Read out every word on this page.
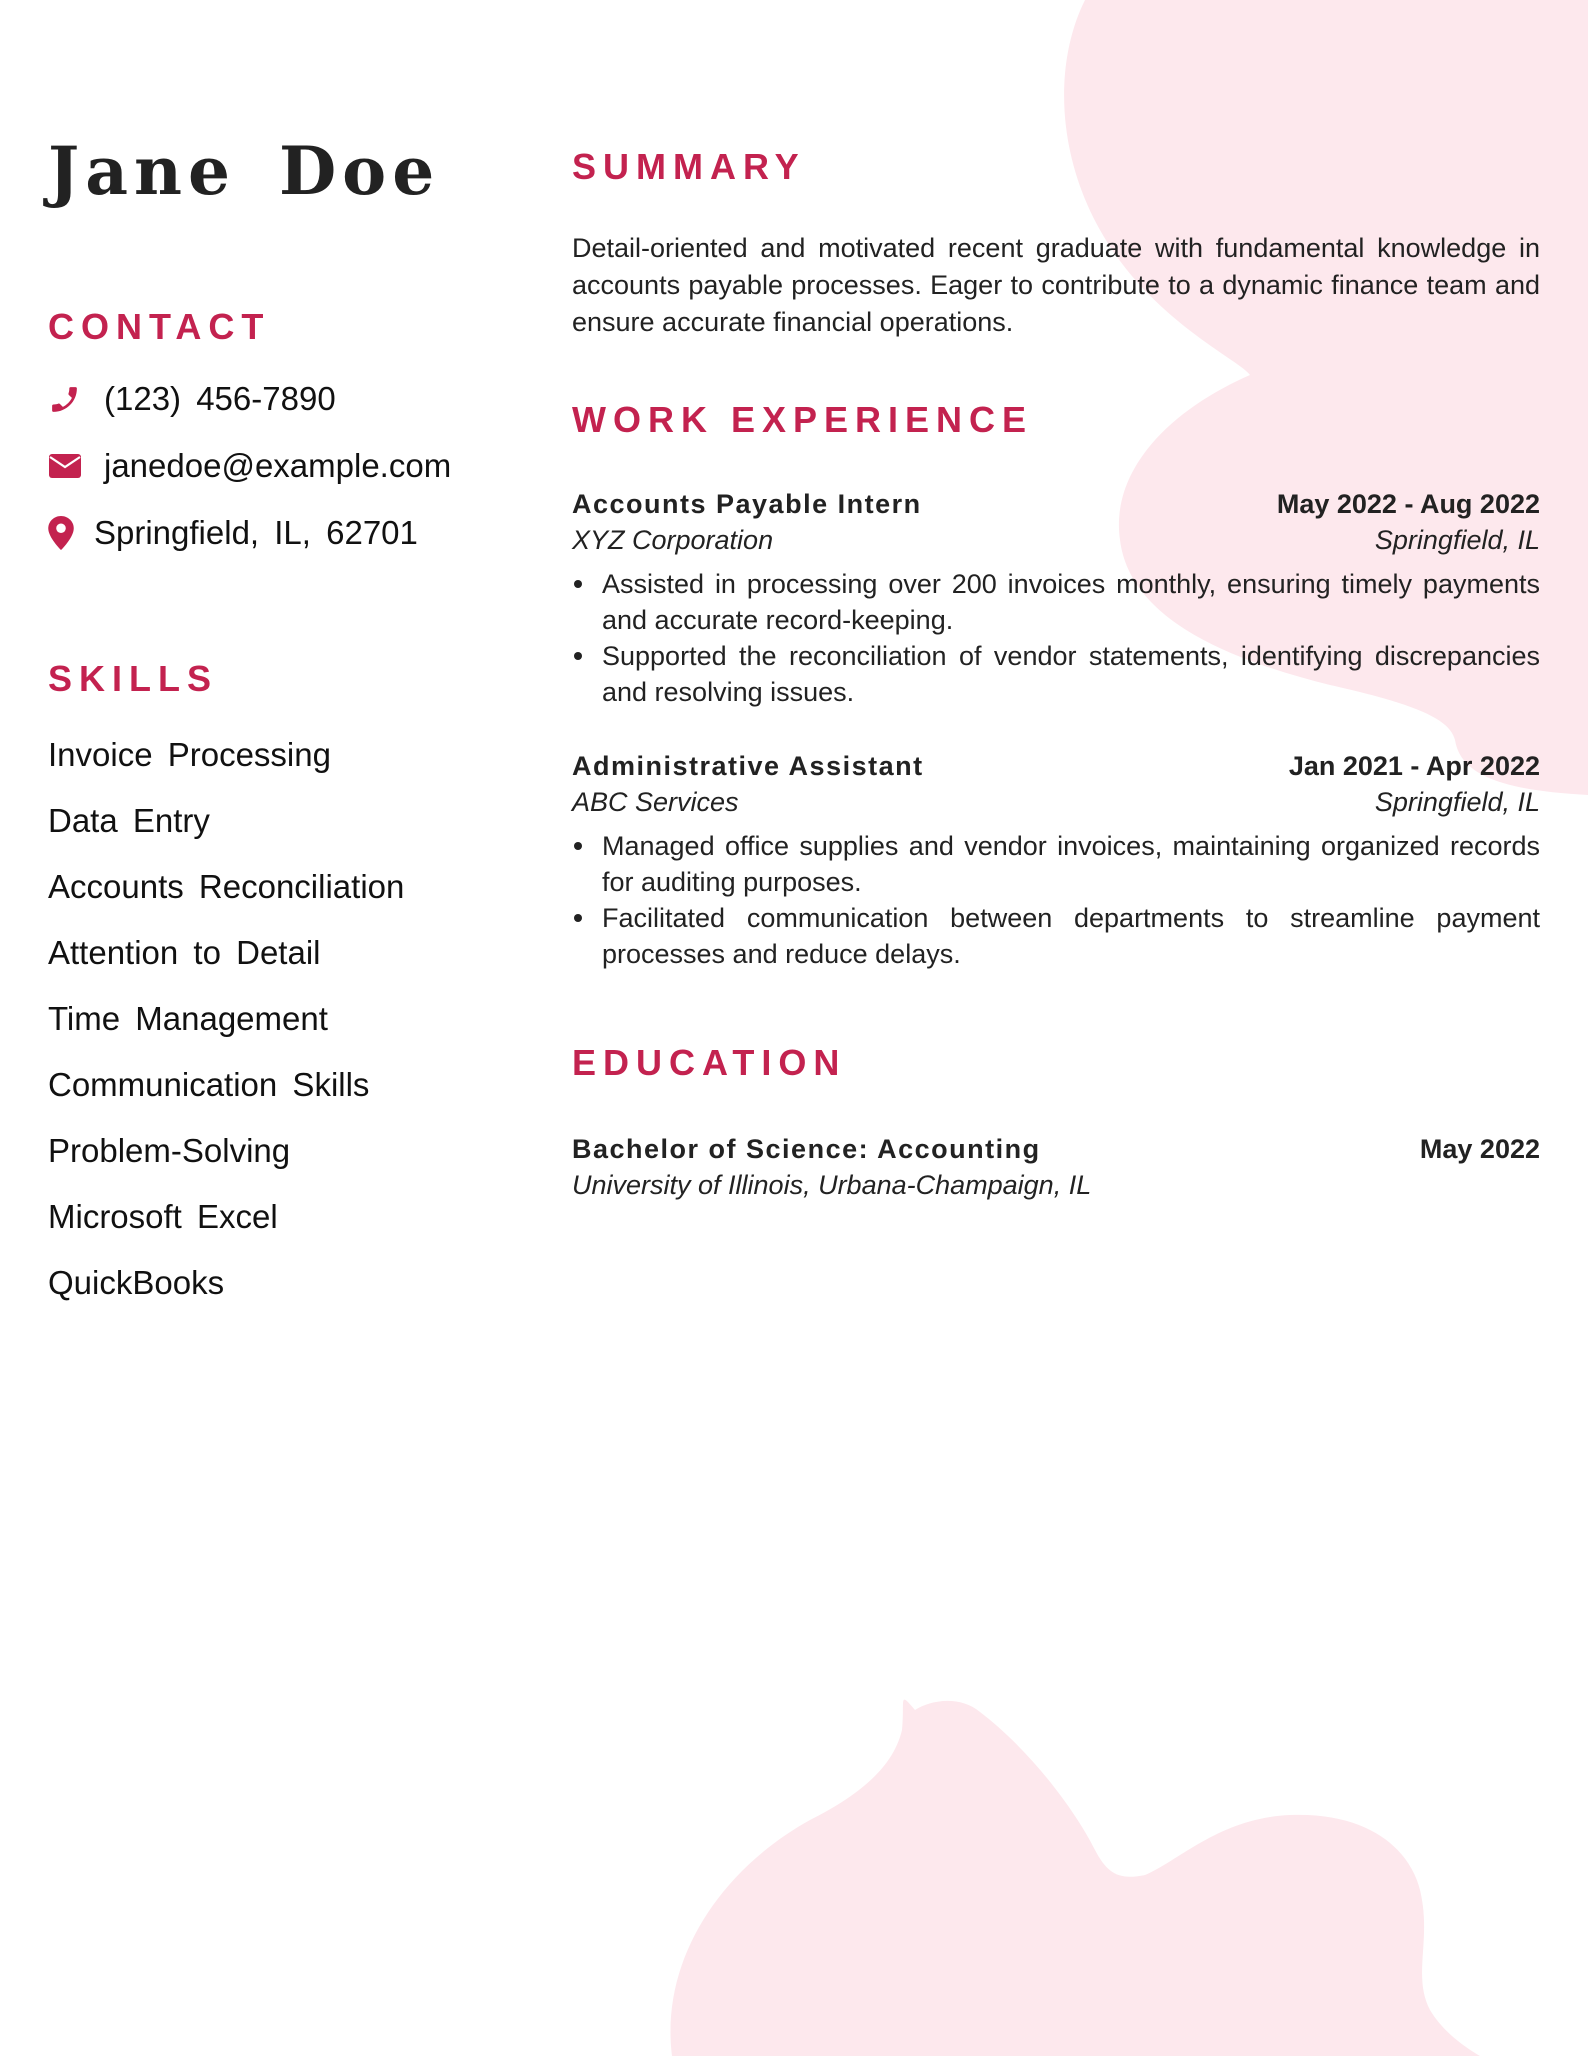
Jane Doe
CONTACT
(123) 456-7890
janedoe@example.com
Springfield, IL, 62701
SKILLS
Invoice Processing
Data Entry
Accounts Reconciliation
Attention to Detail
Time Management
Communication Skills
Problem-Solving
Microsoft Excel
QuickBooks
SUMMARY

Detail-oriented and motivated recent graduate with fundamental knowledge in accounts payable processes. Eager to contribute to a dynamic finance team and ensure accurate financial operations.

WORK EXPERIENCE
Accounts Payable Intern	May 2022 - Aug 2022
XYZ Corporation	Springfield, IL
Assisted in processing over 200 invoices monthly, ensuring timely payments and accurate record-keeping.
Supported the reconciliation of vendor statements, identifying discrepancies and resolving issues.
Administrative Assistant	Jan 2021 - Apr 2022
ABC Services	Springfield, IL
Managed office supplies and vendor invoices, maintaining organized records for auditing purposes.
Facilitated communication between departments to streamline payment processes and reduce delays.
EDUCATION
Bachelor of Science: Accounting	May 2022
University of Illinois, Urbana-Champaign, IL
